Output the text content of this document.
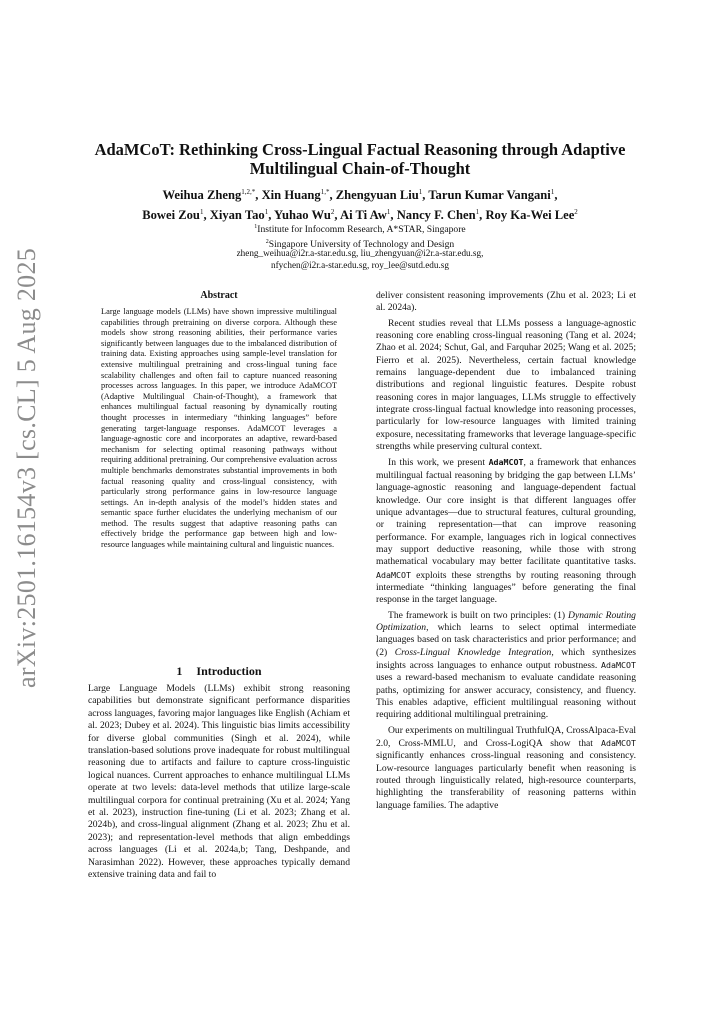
arXiv:2501.16154v3 [cs.CL] 5 Aug 2025
AdaMCoT: Rethinking Cross-Lingual Factual Reasoning through Adaptive Multilingual Chain-of-Thought
Weihua Zheng$^{1,2,*}$, Xin Huang$^{1,*}$, Zhengyuan Liu$^1$, Tarun Kumar Vangani$^1$,
Bowei Zou$^1$, Xiyan Tao$^1$, Yuhao Wu$^2$, Ai Ti Aw$^1$, Nancy F. Chen$^1$, Roy Ka-Wei Lee$^2$
$^1$Institute for Infocomm Research, A*STAR, Singapore
$^2$Singapore University of Technology and Design
zheng_weihua@i2r.a-star.edu.sg, liu_zhengyuan@i2r.a-star.edu.sg,
nfychen@i2r.a-star.edu.sg, roy_lee@sutd.edu.sg
Abstract
Large language models (LLMs) have shown impressive multilingual capabilities through pretraining on diverse corpora. Although these models show strong reasoning abilities, their performance varies significantly between languages due to the imbalanced distribution of training data. Existing approaches using sample-level translation for extensive multilingual pretraining and cross-lingual tuning face scalability challenges and often fail to capture nuanced reasoning processes across languages. In this paper, we introduce AdaMCOT (Adaptive Multilingual Chain-of-Thought), a framework that enhances multilingual factual reasoning by dynamically routing thought processes in intermediary “thinking languages” before generating target-language responses. AdaMCOT leverages a language-agnostic core and incorporates an adaptive, reward-based mechanism for selecting optimal reasoning pathways without requiring additional pretraining. Our comprehensive evaluation across multiple benchmarks demonstrates substantial improvements in both factual reasoning quality and cross-lingual consistency, with particularly strong performance gains in low-resource language settings. An in-depth analysis of the model’s hidden states and semantic space further elucidates the underlying mechanism of our method. The results suggest that adaptive reasoning paths can effectively bridge the performance gap between high and low-resource languages while maintaining cultural and linguistic nuances.
1 Introduction
Large Language Models (LLMs) exhibit strong reasoning capabilities but demonstrate significant performance disparities across languages, favoring major languages like English (Achiam et al. 2023; Dubey et al. 2024). This linguistic bias limits accessibility for diverse global communities (Singh et al. 2024), while translation-based solutions prove inadequate for robust multilingual reasoning due to artifacts and failure to capture cross-linguistic logical nuances. Current approaches to enhance multilingual LLMs operate at two levels: data-level methods that utilize large-scale multilingual corpora for continual pretraining (Xu et al. 2024; Yang et al. 2023), instruction fine-tuning (Li et al. 2023; Zhang et al. 2024b), and cross-lingual alignment (Zhang et al. 2023; Zhu et al. 2023); and representation-level methods that align embeddings across languages (Li et al. 2024a,b; Tang, Deshpande, and Narasimhan 2022). However, these approaches typically demand extensive training data and fail to

deliver consistent reasoning improvements (Zhu et al. 2023; Li et al. 2024a).

Recent studies reveal that LLMs possess a language-agnostic reasoning core enabling cross-lingual reasoning (Tang et al. 2024; Zhao et al. 2024; Schut, Gal, and Farquhar 2025; Wang et al. 2025; Fierro et al. 2025). Nevertheless, certain factual knowledge remains language-dependent due to imbalanced training distributions and regional linguistic features. Despite robust reasoning cores in major languages, LLMs struggle to effectively integrate cross-lingual factual knowledge into reasoning processes, particularly for low-resource languages with limited training exposure, necessitating frameworks that leverage language-specific strengths while preserving cultural context.

In this work, we present AdaMCOT, a framework that enhances multilingual factual reasoning by bridging the gap between LLMs’ language-agnostic reasoning and language-dependent factual knowledge. Our core insight is that different languages offer unique advantages—due to structural features, cultural grounding, or training representation—that can improve reasoning performance. For example, languages rich in logical connectives may support deductive reasoning, while those with strong mathematical vocabulary may better facilitate quantitative tasks. AdaMCOT exploits these strengths by routing reasoning through intermediate “thinking languages” before generating the final response in the target language.

The framework is built on two principles: (1) Dynamic Routing Optimization, which learns to select optimal intermediate languages based on task characteristics and prior performance; and (2) Cross-Lingual Knowledge Integration, which synthesizes insights across languages to enhance output robustness. AdaMCOT uses a reward-based mechanism to evaluate candidate reasoning paths, optimizing for answer accuracy, consistency, and fluency. This enables adaptive, efficient multilingual reasoning without requiring additional multilingual pretraining.

Our experiments on multilingual TruthfulQA, CrossAlpaca-Eval 2.0, Cross-MMLU, and Cross-LogiQA show that AdaMCOT significantly enhances cross-lingual reasoning and consistency. Low-resource languages particularly benefit when reasoning is routed through linguistically related, high-resource counterparts, highlighting the transferability of reasoning patterns within language families. The adaptive
